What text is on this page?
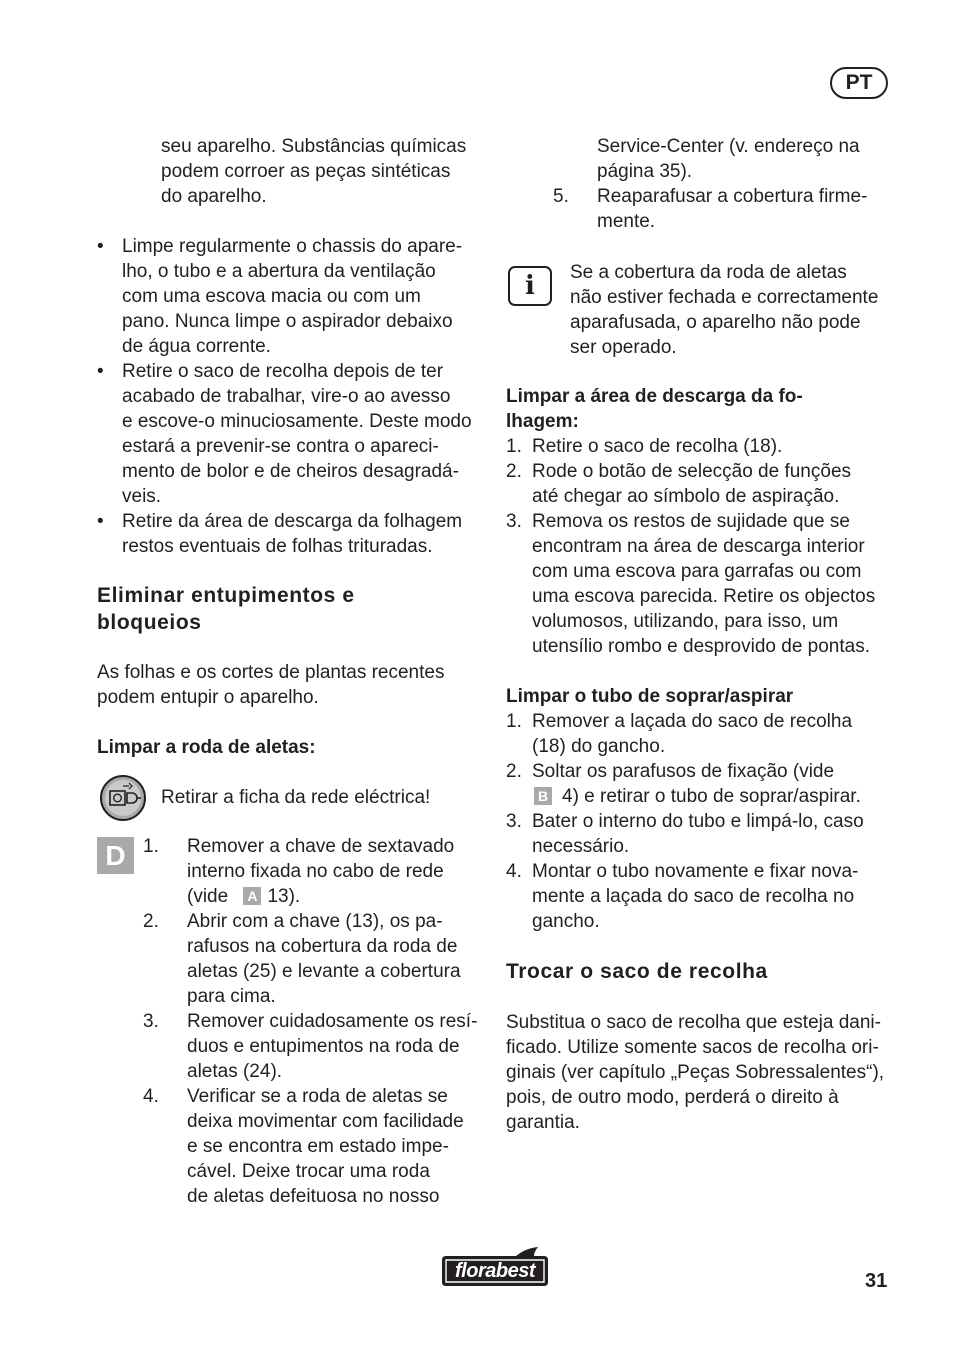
PT
seu aparelho. Substâncias químicas
podem corroer as peças sintéticas
do aparelho.
• Limpe regularmente o chassis do apare-
lho, o tubo e a abertura da ventilação
com uma escova macia ou com um
pano. Nunca limpe o aspirador debaixo
de água corrente.
• Retire o saco de recolha depois de ter
acabado de trabalhar, vire-o ao avesso
e escove-o minuciosamente. Deste modo
estará a prevenir-se contra o apareci-
mento de bolor e de cheiros desagradá-
veis.
• Retire da área de descarga da folhagem
restos eventuais de folhas trituradas.
Eliminar entupimentos e
bloqueios
As folhas e os cortes de plantas recentes
podem entupir o aparelho.
Limpar a roda de aletas:
Retirar a ficha da rede eléctrica!
D 1. Remover a chave de sextavado
interno fixada no cabo de rede
(vide A 13).
2. Abrir com a chave (13), os pa-
rafusos na cobertura da roda de
aletas (25) e levante a cobertura
para cima.
3. Remover cuidadosamente os resí-
duos e entupimentos na roda de
aletas (24).
4. Verificar se a roda de aletas se
deixa movimentar com facilidade
e se encontra em estado impe-
cável. Deixe trocar uma roda
de aletas defeituosa no nosso
Service-Center (v. endereço na
página 35).
5. Reaparafusar a cobertura firme-
mente.
i	Se a cobertura da roda de aletas
não estiver fechada e correctamente
aparafusada, o aparelho não pode
ser operado.
Limpar a área de descarga da fo-
lhagem:
1. Retire o saco de recolha (18).
2. Rode o botão de selecção de funções
até chegar ao símbolo de aspiração.
3. Remova os restos de sujidade que se
encontram na área de descarga interior
com uma escova para garrafas ou com
uma escova parecida. Retire os objectos
volumosos, utilizando, para isso, um
utensílio rombo e desprovido de pontas.
Limpar o tubo de soprar/aspirar
1. Remover a laçada do saco de recolha
(18) do gancho.
2. Soltar os parafusos de fixação (vide
B 4) e retirar o tubo de soprar/aspirar.
3. Bater o interno do tubo e limpá-lo, caso
necessário.
4. Montar o tubo novamente e fixar nova-
mente a laçada do saco de recolha no
gancho.
Trocar o saco de recolha
Substitua o saco de recolha que esteja dani-
ficado. Utilize somente sacos de recolha ori-
ginais (ver capítulo „Peças Sobressalentes“),
pois, de outro modo, perderá o direito à
garantia.
florabest	31
